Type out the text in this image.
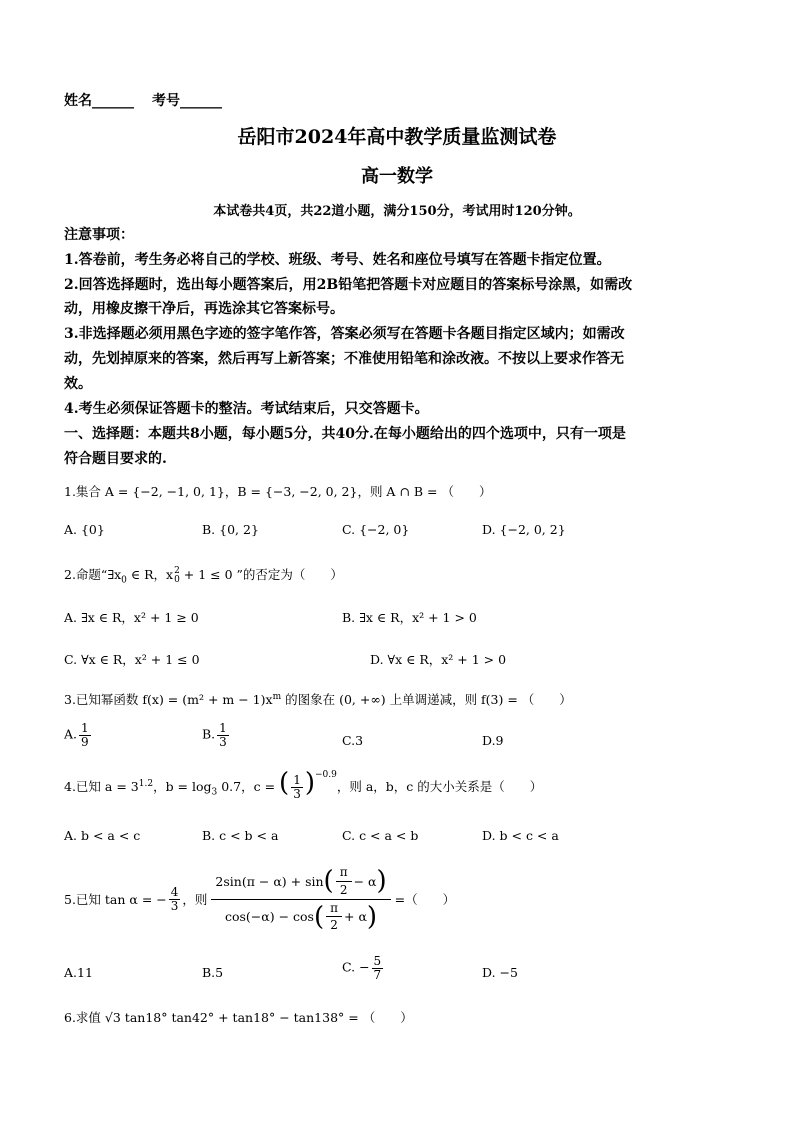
姓名______ 考号______
岳阳市2024年高中教学质量监测试卷
高一数学
本试卷共4页，共22道小题，满分150分，考试用时120分钟。
注意事项：
1.答卷前，考生务必将自己的学校、班级、考号、姓名和座位号填写在答题卡指定位置。
2.回答选择题时，选出每小题答案后，用2B铅笔把答题卡对应题目的答案标号涂黑，如需改
动，用橡皮擦干净后，再选涂其它答案标号。
3.非选择题必须用黑色字迹的签字笔作答，答案必须写在答题卡各题目指定区域内；如需改
动，先划掉原来的答案，然后再写上新答案；不准使用铅笔和涂改液。不按以上要求作答无
效。
4.考生必须保证答题卡的整洁。考试结束后，只交答题卡。
一、选择题：本题共8小题，每小题5分，共40分.在每小题给出的四个选项中，只有一项是
符合题目要求的.
1.集合 A = {−2, −1, 0, 1}，B = {−3, −2, 0, 2}，则 A ∩ B = （　　）
A. {0}	B. {0, 2}	C. {−2, 0}	D. {−2, 0, 2}
2.命题“$\exists x_0$ ∈ R，x 2
0 + 1 ≤ 0 ”的否定为（　　）
A. ∃x ∈ R，x² + 1 ≥ 0	B. ∃x ∈ R，x² + 1 > 0
C. ∀x ∈ R，x² + 1 ≤ 0	D. ∀x ∈ R，x² + 1 > 0
3.已知幂函数 $f(x) = (m^2 + m - 1)x^m$ 的图象在 (0, +∞) 上单调递减，则 f(3) = （　　）
A. $\frac{1}{9}$	B. $\frac{1}{3}$	C.3	D.9
4.已知 $a = 3^{1.2}$，$b = \log_3 0.7$，c = ( $\frac{1}{3} )^{-0.9}$，则 a，b，c 的大小关系是（　　）
A. b < a < c	B. c < b < a	C. c < a < b	D. b < c < a
5.已知 tan α = − $\frac{4}{3}$ ，则 $\frac{2\sin(\pi - \alpha) + \sin ( \frac{\pi}{2} - \alpha )}{\cos(-\alpha) - \cos ( \frac{\pi}{2} + \alpha )}$ =（　　）
A.11	B.5	C. − $\frac{5}{7}$	D. −5
6.求值 √3 tan18° tan42° + tan18° − tan138° = （　　）
